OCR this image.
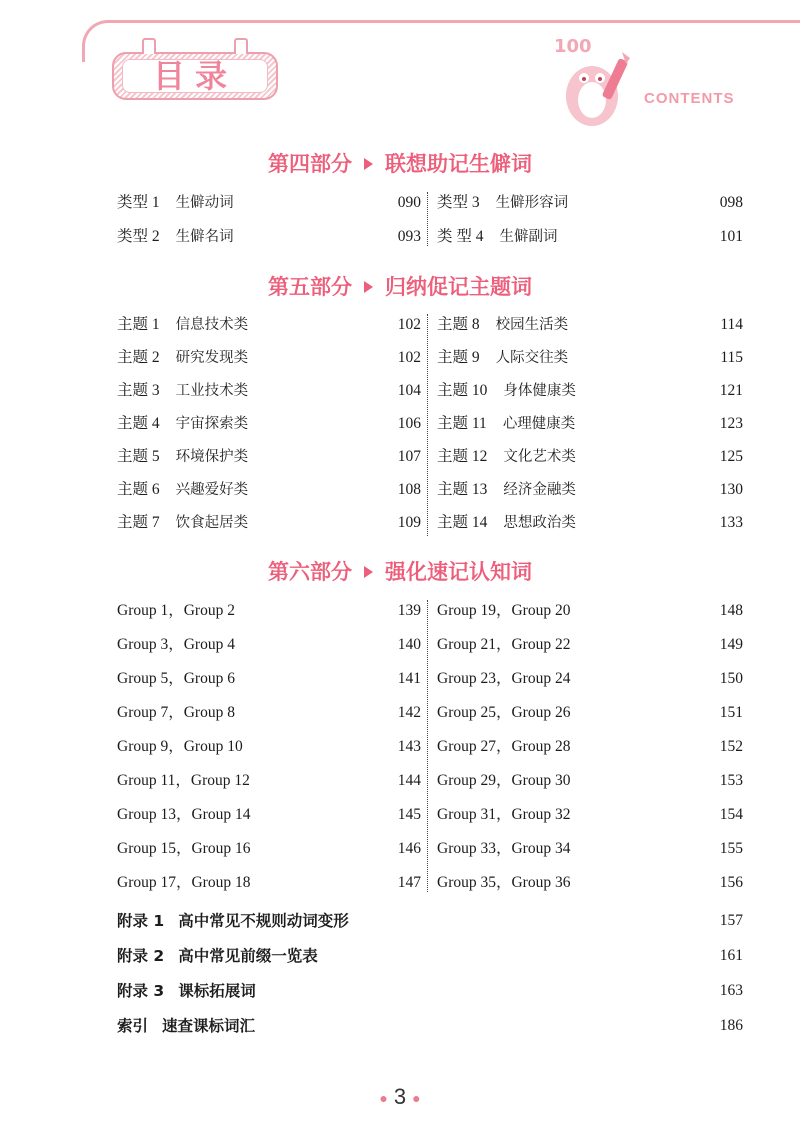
目录
100
CONTENTS
第四部分 联想助记生僻词
类型 1 生僻动词	090
类型 2 生僻名词	093
类型 3 生僻形容词	098
类 型 4 生僻副词	101
第五部分 归纳促记主题词
主题 1 信息技术类	102
主题 2 研究发现类	102
主题 3 工业技术类	104
主题 4 宇宙探索类	106
主题 5 环境保护类	107
主题 6 兴趣爱好类	108
主题 7 饮食起居类	109
主题 8 校园生活类	114
主题 9 人际交往类	115
主题 10 身体健康类	121
主题 11 心理健康类	123
主题 12 文化艺术类	125
主题 13 经济金融类	130
主题 14 思想政治类	133
第六部分 强化速记认知词
Group 1，Group 2	139
Group 3，Group 4	140
Group 5，Group 6	141
Group 7，Group 8	142
Group 9，Group 10	143
Group 11，Group 12	144
Group 13，Group 14	145
Group 15，Group 16	146
Group 17，Group 18	147
Group 19，Group 20	148
Group 21，Group 22	149
Group 23，Group 24	150
Group 25，Group 26	151
Group 27，Group 28	152
Group 29，Group 30	153
Group 31，Group 32	154
Group 33，Group 34	155
Group 35，Group 36	156
附录 1 高中常见不规则动词变形	157
附录 2 高中常见前缀一览表	161
附录 3 课标拓展词	163
索引 速查课标词汇	186
● 3 ●
